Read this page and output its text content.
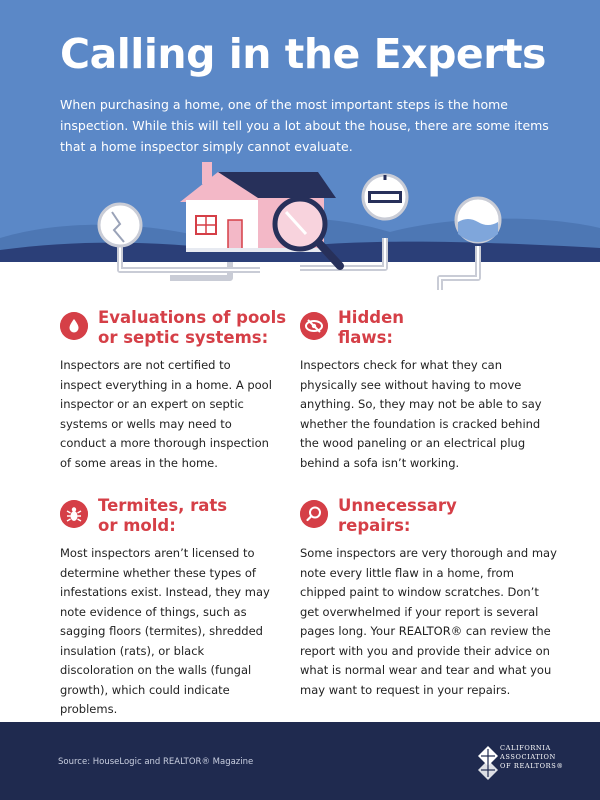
Calling in the Experts
When purchasing a home, one of the most important steps is the home inspection. While this will tell you a lot about the house, there are some items that a home inspector simply cannot evaluate.
Evaluations of pools
or septic systems:
Inspectors are not certified to inspect everything in a home. A pool inspector or an expert on septic systems or wells may need to conduct a more thorough inspection of some areas in the home.
Hidden
flaws:
Inspectors check for what they can physically see without having to move anything. So, they may not be able to say whether the foundation is cracked behind the wood paneling or an electrical plug behind a sofa isn’t working.
Termites, rats
or mold:
Most inspectors aren’t licensed to determine whether these types of infestations exist. Instead, they may note evidence of things, such as sagging floors (termites), shredded insulation (rats), or black discoloration on the walls (fungal growth), which could indicate problems.
Unnecessary
repairs:
Some inspectors are very thorough and may note every little flaw in a home, from chipped paint to window scratches. Don’t get overwhelmed if your report is several pages long. Your REALTOR® can review the report with you and provide their advice on what is normal wear and tear and what you may want to request in your repairs.
Source: HouseLogic and REALTOR® Magazine
CALIFORNIA
ASSOCIATION
OF REALTORS®
